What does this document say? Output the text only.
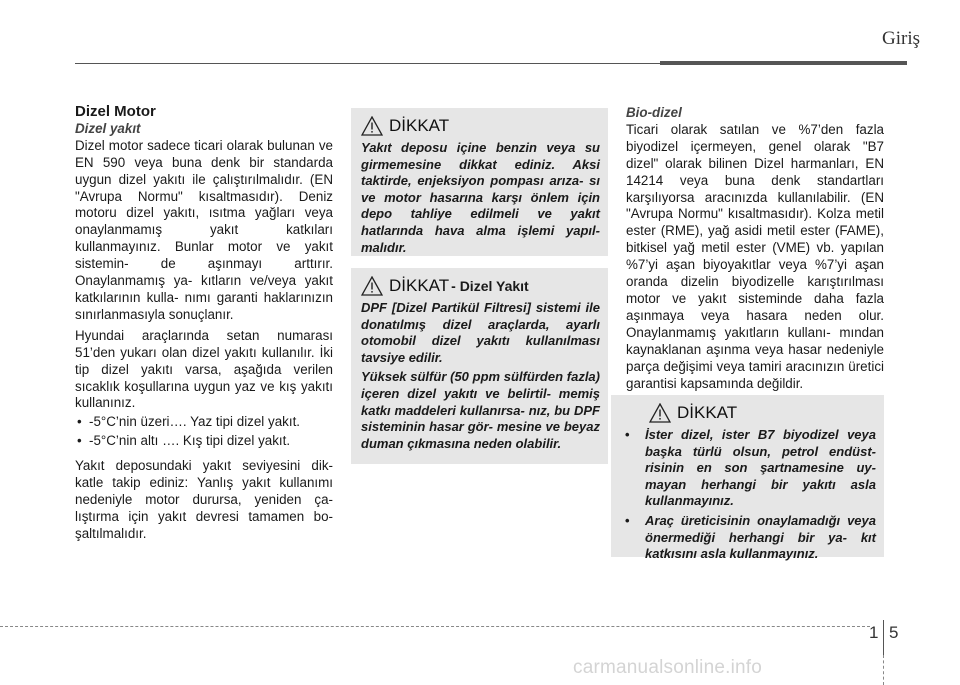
Giriş

Dizel Motor

Dizel yakıt

Dizel motor sadece ticari olarak bulunan ve EN 590 veya buna denk bir standarda uygun dizel yakıtı ile çalıştırılmalıdır. (EN "Avrupa Normu" kısaltmasıdır). Deniz motoru dizel yakıtı, ısıtma yağları veya onaylanmamış yakıt katkıları kullanmayınız. Bunlar motor ve yakıt sistemin- de aşınmayı arttırır. Onaylanmamış ya- kıtların ve/veya yakıt katkılarının kulla- nımı garanti haklarınızın sınırlanmasıyla sonuçlanır.

Hyundai araçlarında setan numarası 51’den yukarı olan dizel yakıtı kullanılır. İki tip dizel yakıtı varsa, aşağıda verilen sıcaklık koşullarına uygun yaz ve kış yakıtı kullanınız.

• -5°C’nin üzeri…. Yaz tipi dizel yakıt.
• -5°C’nin altı …. Kış tipi dizel yakıt.

Yakıt deposundaki yakıt seviyesini dik- katle takip ediniz: Yanlış yakıt kullanımı nedeniyle motor durursa, yeniden ça- lıştırma için yakıt devresi tamamen bo- şaltılmalıdır.

DİKKAT

Yakıt deposu içine benzin veya su girmemesine dikkat ediniz. Aksi taktirde, enjeksiyon pompası arıza- sı ve motor hasarına karşı önlem için depo tahliye edilmeli ve yakıt hatlarında hava alma işlemi yapıl- malıdır.

DİKKAT - Dizel Yakıt

DPF [Dizel Partikül Filtresi] sistemi ile donatılmış dizel araçlarda, ayarlı otomobil dizel yakıtı kullanılması tavsiye edilir.

Yüksek sülfür (50 ppm sülfürden fazla) içeren dizel yakıtı ve belirtil- memiş katkı maddeleri kullanırsa- nız, bu DPF sisteminin hasar gör- mesine ve beyaz duman çıkmasına neden olabilir.

Bio-dizel

Ticari olarak satılan ve %7’den fazla biyodizel içermeyen, genel olarak "B7 dizel" olarak bilinen Dizel harmanları, EN 14214 veya buna denk standartları karşılıyorsa aracınızda kullanılabilir. (EN "Avrupa Normu" kısaltmasıdır). Kolza metil ester (RME), yağ asidi metil ester (FAME), bitkisel yağ metil ester (VME) vb. yapılan %7’yi aşan biyoyakıtlar veya %7’yi aşan oranda dizelin biyodizelle karıştırılması motor ve yakıt sisteminde daha fazla aşınmaya veya hasara neden olur. Onaylanmamış yakıtların kullanı- mından kaynaklanan aşınma veya hasar nedeniyle parça değişimi veya tamiri aracınızın üretici garantisi kapsamında değildir.

DİKKAT
• İster dizel, ister B7 biyodizel veya başka türlü olsun, petrol endüst- risinin en son şartnamesine uy- mayan herhangi bir yakıtı asla kullanmayınız.
• Araç üreticisinin onaylamadığı veya önermediği herhangi bir ya- kıt katkısını asla kullanmayınız.
1 5
carmanualsonline.info
